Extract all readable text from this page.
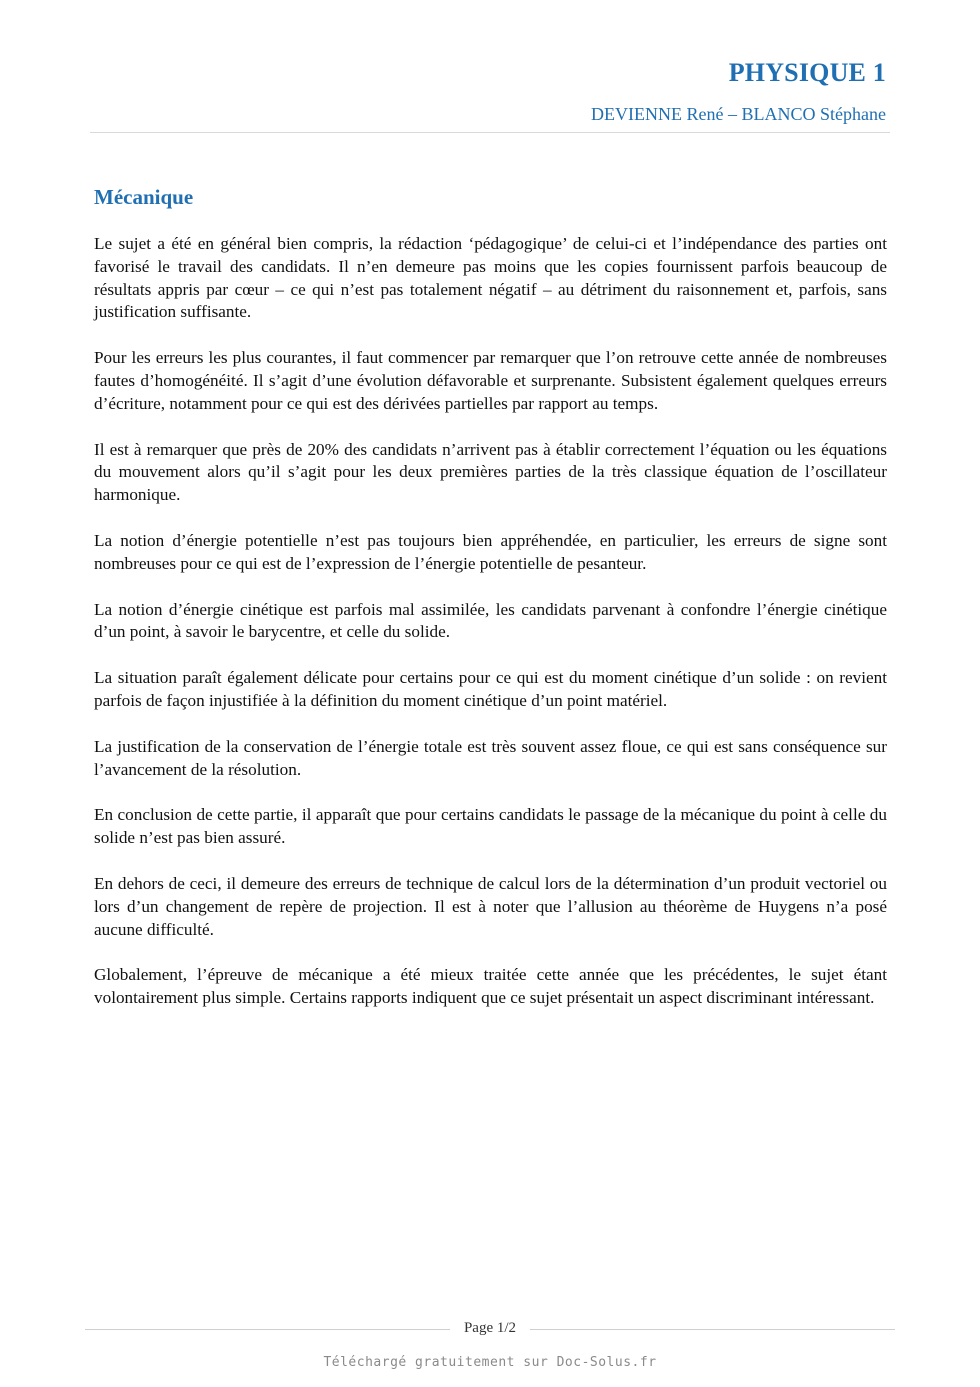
PHYSIQUE 1

DEVIENNE René – BLANCO Stéphane

Mécanique

Le sujet a été en général bien compris, la rédaction ‘pédagogique’ de celui-ci et l’indépendance des parties ont favorisé le travail des candidats. Il n’en demeure pas moins que les copies fournissent parfois beaucoup de résultats appris par cœur – ce qui n’est pas totalement négatif – au détriment du raisonnement et, parfois, sans justification suffisante.

Pour les erreurs les plus courantes, il faut commencer par remarquer que l’on retrouve cette année de nombreuses fautes d’homogénéité. Il s’agit d’une évolution défavorable et surprenante. Subsistent également quelques erreurs d’écriture, notamment pour ce qui est des dérivées partielles par rapport au temps.

Il est à remarquer que près de 20% des candidats n’arrivent pas à établir correctement l’équation ou les équations du mouvement alors qu’il s’agit pour les deux premières parties de la très classique équation de l’oscillateur harmonique.

La notion d’énergie potentielle n’est pas toujours bien appréhendée, en particulier, les erreurs de signe sont nombreuses pour ce qui est de l’expression de l’énergie potentielle de pesanteur.

La notion d’énergie cinétique est parfois mal assimilée, les candidats parvenant à confondre l’énergie cinétique d’un point, à savoir le barycentre, et celle du solide.

La situation paraît également délicate pour certains pour ce qui est du moment cinétique d’un solide : on revient parfois de façon injustifiée à la définition du moment cinétique d’un point matériel.

La justification de la conservation de l’énergie totale est très souvent assez floue, ce qui est sans conséquence sur l’avancement de la résolution.

En conclusion de cette partie, il apparaît que pour certains candidats le passage de la mécanique du point à celle du solide n’est pas bien assuré.

En dehors de ceci, il demeure des erreurs de technique de calcul lors de la détermination d’un produit vectoriel ou lors d’un changement de repère de projection. Il est à noter que l’allusion au théorème de Huygens n’a posé aucune difficulté.

Globalement, l’épreuve de mécanique a été mieux traitée cette année que les précédentes, le sujet étant volontairement plus simple. Certains rapports indiquent que ce sujet présentait un aspect discriminant intéressant.

Page 1/2
Téléchargé gratuitement sur Doc-Solus.fr
